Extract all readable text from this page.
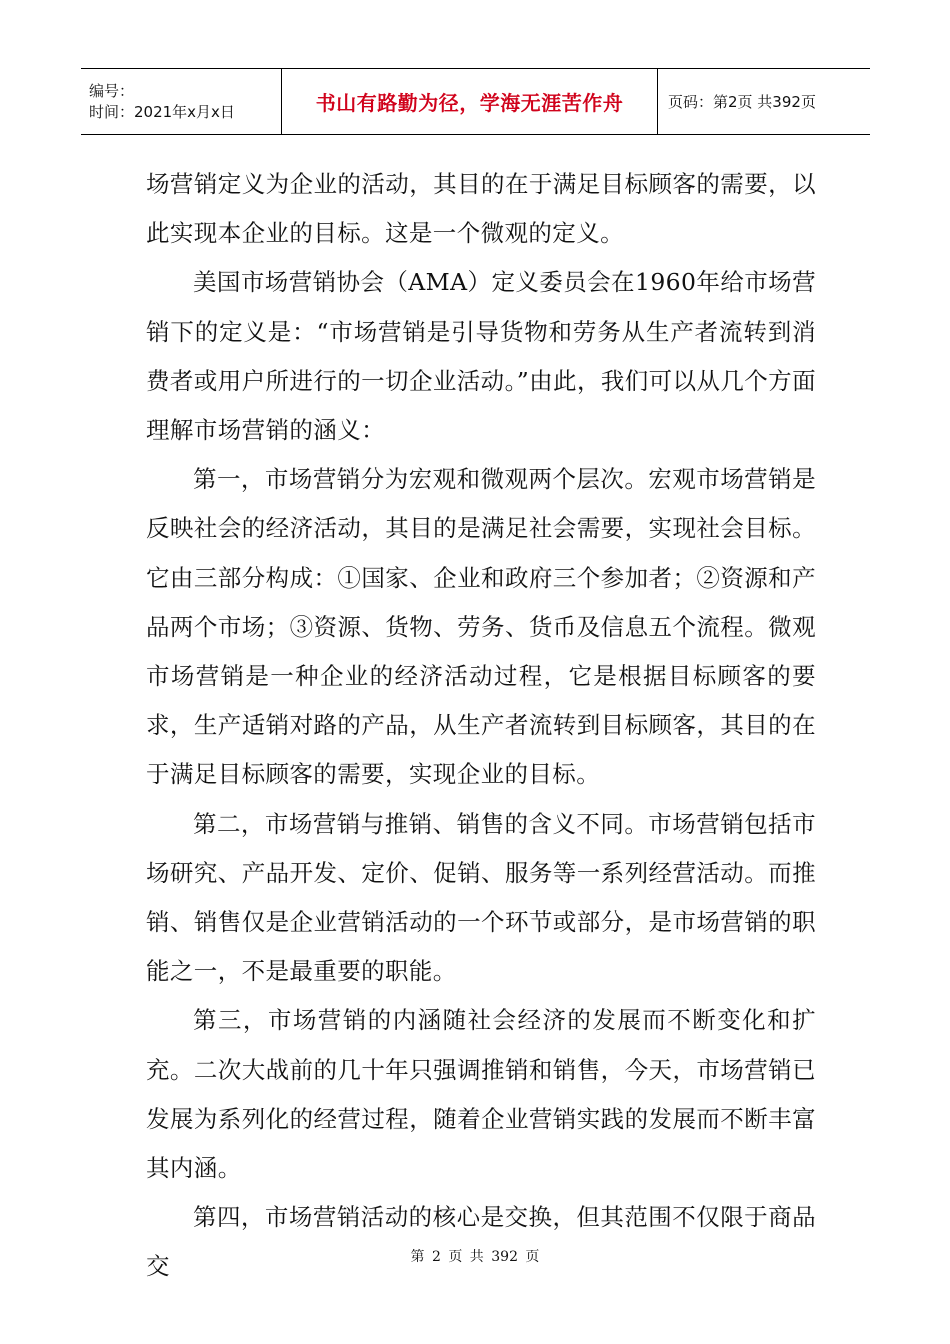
编号：
时间：2021年x月x日	书山有路勤为径，学海无涯苦作舟	页码：第2页 共392页

场营销定义为企业的活动，其目的在于满足目标顾客的需要，以此实现本企业的目标。这是一个微观的定义。

美国市场营销协会（AMA）定义委员会在1960年给市场营销下的定义是：“市场营销是引导货物和劳务从生产者流转到消费者或用户所进行的一切企业活动。”由此，我们可以从几个方面理解市场营销的涵义：

第一，市场营销分为宏观和微观两个层次。宏观市场营销是反映社会的经济活动，其目的是满足社会需要，实现社会目标。它由三部分构成：①国家、企业和政府三个参加者；②资源和产品两个市场；③资源、货物、劳务、货币及信息五个流程。微观市场营销是一种企业的经济活动过程，它是根据目标顾客的要求，生产适销对路的产品，从生产者流转到目标顾客，其目的在于满足目标顾客的需要，实现企业的目标。

第二，市场营销与推销、销售的含义不同。市场营销包括市场研究、产品开发、定价、促销、服务等一系列经营活动。而推销、销售仅是企业营销活动的一个环节或部分，是市场营销的职能之一，不是最重要的职能。

第三，市场营销的内涵随社会经济的发展而不断变化和扩充。二次大战前的几十年只强调推销和销售，今天，市场营销已发展为系列化的经营过程，随着企业营销实践的发展而不断丰富其内涵。

第四，市场营销活动的核心是交换，但其范围不仅限于商品交	第 2 页 共 392 页
